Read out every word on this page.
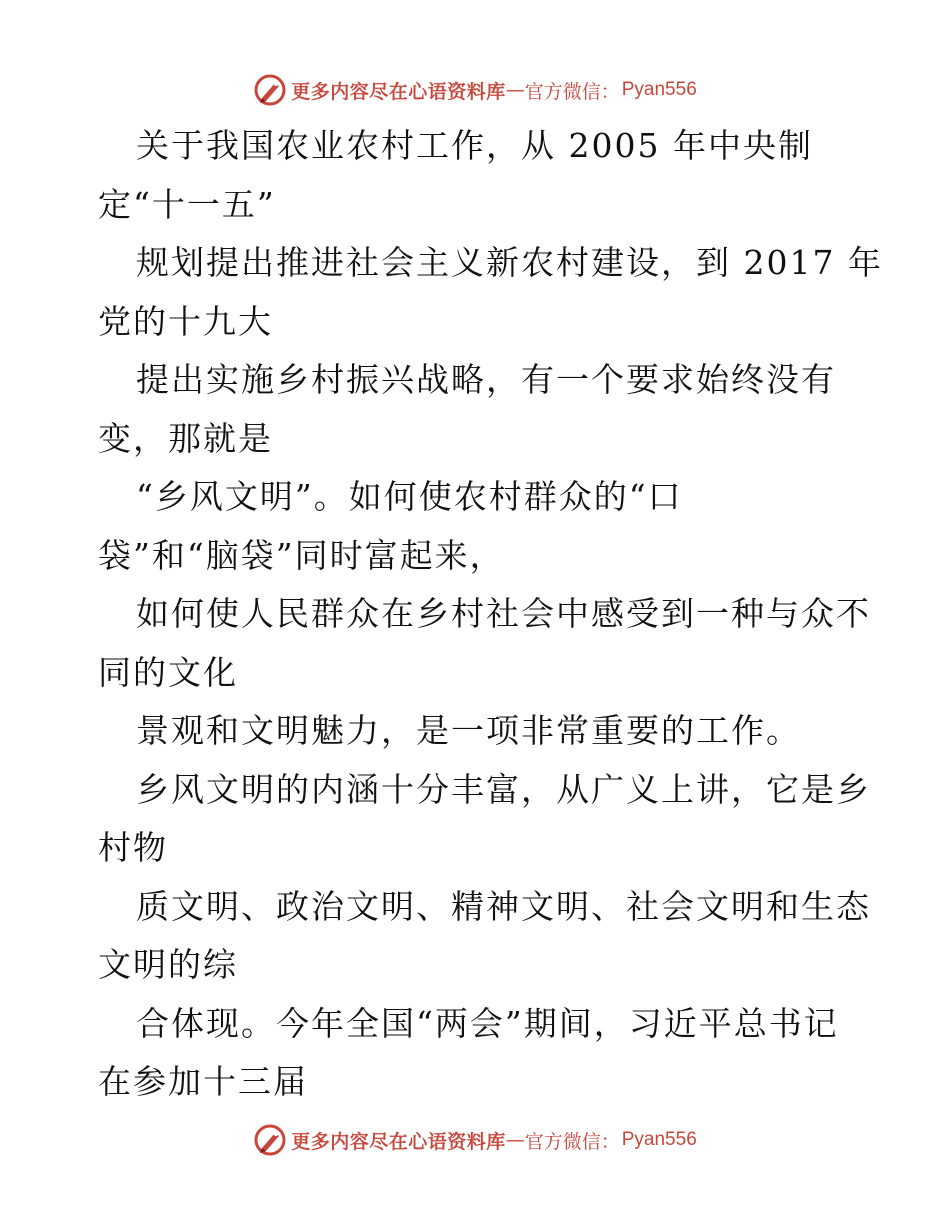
更多内容尽在心语资料库 — 官方微信： Pyan556
关于我国农业农村工作，从 2005 年中央制
定“十一五”
规划提出推进社会主义新农村建设，到 2017 年
党的十九大
提出实施乡村振兴战略，有一个要求始终没有
变，那就是
“乡风文明”。如何使农村群众的“口
袋”和“脑袋”同时富起来，
如何使人民群众在乡村社会中感受到一种与众不
同的文化
景观和文明魅力，是一项非常重要的工作。
乡风文明的内涵十分丰富，从广义上讲，它是乡
村物
质文明、政治文明、精神文明、社会文明和生态
文明的综
合体现。今年全国“两会”期间，习近平总书记
在参加十三届
更多内容尽在心语资料库 — 官方微信： Pyan556
